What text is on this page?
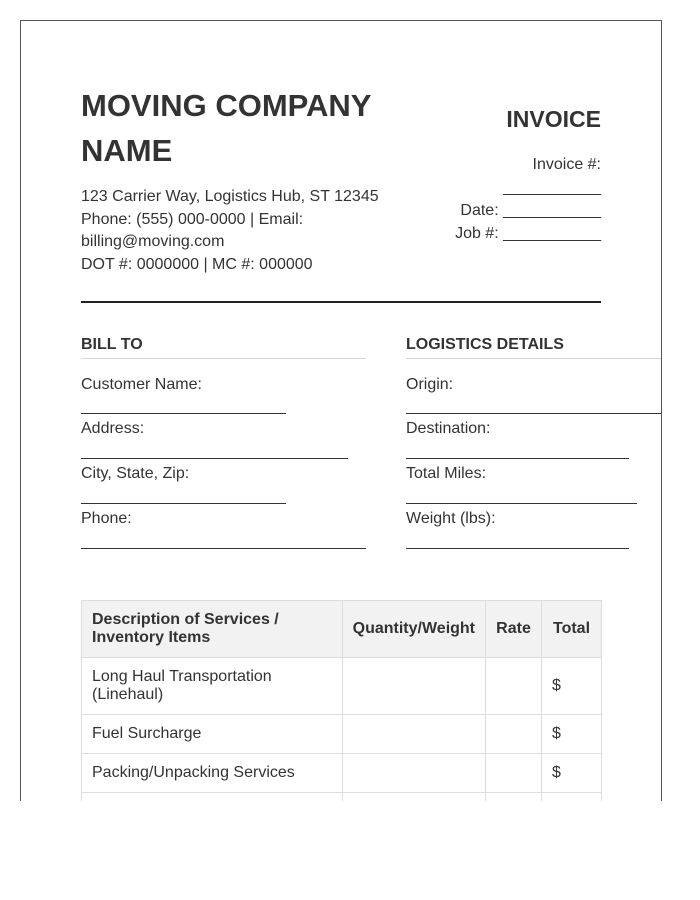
MOVING COMPANY NAME
123 Carrier Way, Logistics Hub, ST 12345
Phone: (555) 000-0000 | Email: billing@moving.com
DOT #: 0000000 | MC #: 000000
INVOICE
Invoice #:
___________
Date: ___________
Job #: ___________
BILL TO
Customer Name:
Address:
City, State, Zip:
Phone:
LOGISTICS DETAILS
Origin:
Destination:
Total Miles:
Weight (lbs):
Description of Services / Inventory Items	Quantity/Weight	Rate	Total
Long Haul Transportation (Linehaul)			$
Fuel Surcharge			$
Packing/Unpacking Services			$
